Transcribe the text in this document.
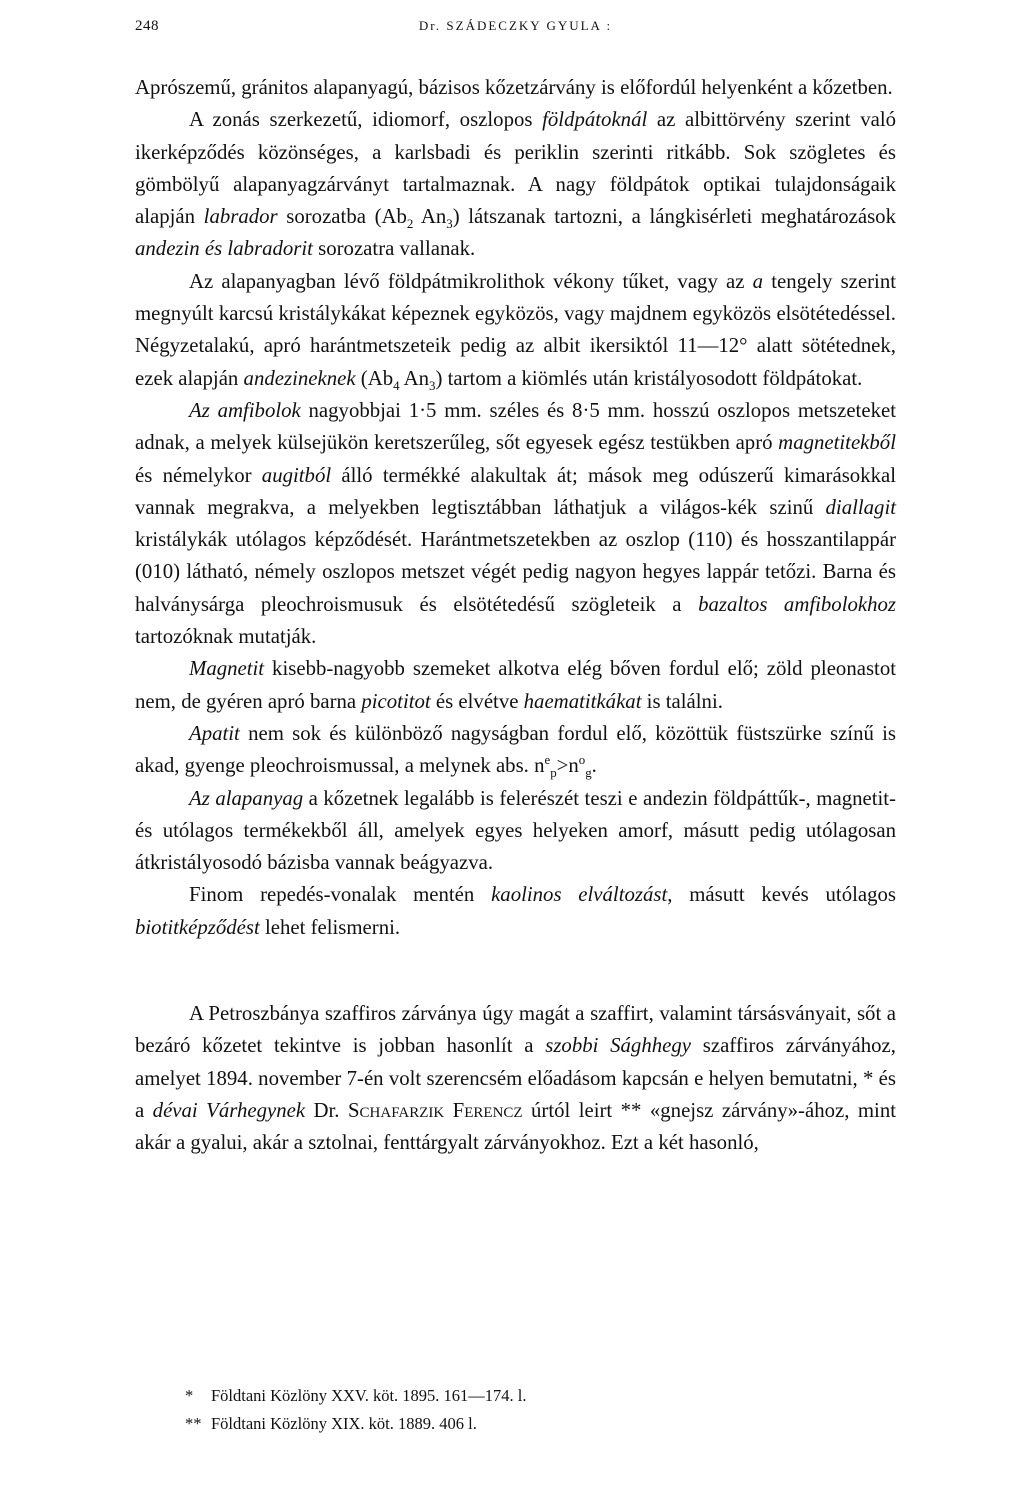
248	Dr. SZÁDECZKY GYULA :

Aprószemű, gránitos alapanyagú, bázisos kőzetzárvány is előfordúl helyenként a kőzetben.

A zonás szerkezetű, idiomorf, oszlopos földpátoknál az albittörvény szerint való ikerképződés közönséges, a karlsbadi és periklin szerinti ritkább. Sok szögletes és gömbölyű alapanyagzárványt tartalmaznak. A nagy földpátok optikai tulajdonságaik alapján labrador sorozatba ($Ab_2$ $An_3$) látszanak tartozni, a lángkisérleti meghatározások andezin és labradorit sorozatra vallanak.

Az alapanyagban lévő földpátmikrolithok vékony tűket, vagy az a tengely szerint megnyúlt karcsú kristálykákat képeznek egyközös, vagy majdnem egyközös elsötétedéssel. Négyzetalakú, apró harántmetszeteik pedig az albit ikersiktól 11—12° alatt sötétednek, ezek alapján andezineknek ($Ab_4$ $An_3$) tartom a kiömlés után kristályosodott földpátokat.

Az amfibolok nagyobbjai 1·5 mm. széles és 8·5 mm. hosszú oszlopos metszeteket adnak, a melyek külsejükön keretszerűleg, sőt egyesek egész testükben apró magnetitekből és némelykor augitból álló termékké alakultak át; mások meg odúszerű kimarásokkal vannak megrakva, a melyekben legtisztábban láthatjuk a világos-kék szinű diallagit kristálykák utólagos képződését. Harántmetszetekben az oszlop (110) és hosszantilappár (010) látható, némely oszlopos metszet végét pedig nagyon hegyes lappár tetőzi. Barna és halványsárga pleochroismusuk és elsötétedésű szögleteik a bazaltos amfibolokhoz tartozóknak mutatják.

Magnetit kisebb-nagyobb szemeket alkotva elég bőven fordul elő; zöld pleonastot nem, de gyéren apró barna picotitot és elvétve haematitkákat is találni.

Apatit nem sok és különböző nagyságban fordul elő, közöttük füstszürke színű is akad, gyenge pleochroismussal, a melynek abs. $n^e_p>n^o_g$.

Az alapanyag a kőzetnek legalább is felerészét teszi e andezin földpáttűk-, magnetit- és utólagos termékekből áll, amelyek egyes helyeken amorf, másutt pedig utólagosan átkristályosodó bázisba vannak beágyazva.

Finom repedés-vonalak mentén kaolinos elváltozást, másutt kevés utólagos biotitképződést lehet felismerni.

A Petroszbánya szaffiros zárványa úgy magát a szaffirt, valamint társásványait, sőt a bezáró kőzetet tekintve is jobban hasonlít a szobbi Sághhegy szaffiros zárványához, amelyet 1894. november 7-én volt szerencsém előadásom kapcsán e helyen bemutatni, * és a dévai Várhegynek Dr. Schafarzik Ferencz úrtól leirt ** «gnejsz zárvány»-ához, mint akár a gyalui, akár a sztolnai, fenttárgyalt zárványokhoz. Ezt a két hasonló,

* Földtani Közlöny XXV. köt. 1895. 161—174. l.
** Földtani Közlöny XIX. köt. 1889. 406 l.
